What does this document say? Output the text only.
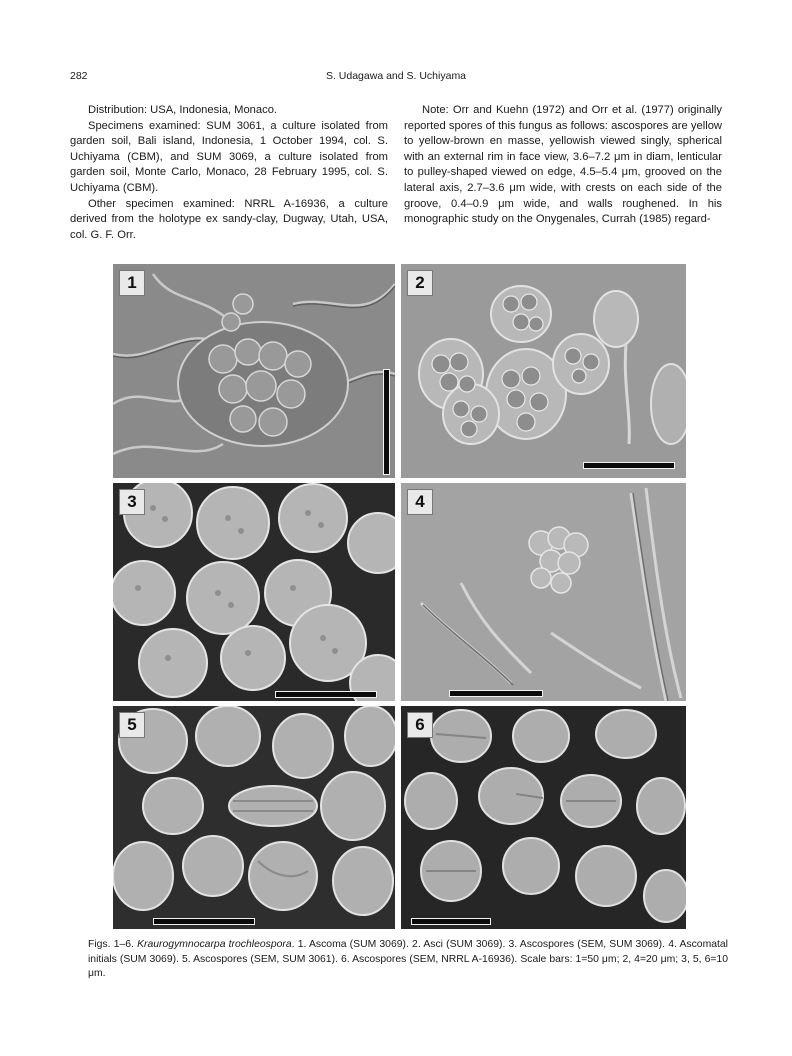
282	S. Udagawa and S. Uchiyama

Distribution: USA, Indonesia, Monaco.

Specimens examined: SUM 3061, a culture isolated from garden soil, Bali island, Indonesia, 1 October 1994, col. S. Uchiyama (CBM), and SUM 3069, a culture isolated from garden soil, Monte Carlo, Monaco, 28 February 1995, col. S. Uchiyama (CBM).

Other specimen examined: NRRL A-16936, a culture derived from the holotype ex sandy-clay, Dugway, Utah, USA, col. G. F. Orr.

Note: Orr and Kuehn (1972) and Orr et al. (1977) originally reported spores of this fungus as follows: ascospores are yellow to yellow-brown en masse, yellowish viewed singly, spherical with an external rim in face view, 3.6–7.2 μm in diam, lenticular to pulley-shaped viewed on edge, 4.5–5.4 μm, grooved on the lateral axis, 2.7–3.6 μm wide, with crests on each side of the groove, 0.4–0.9 μm wide, and walls roughened. In his monographic study on the Onygenales, Currah (1985) regard-

1	2
3	4
5	6
Figs. 1–6. Kraurogymnocarpa trochleospora. 1. Ascoma (SUM 3069). 2. Asci (SUM 3069). 3. Ascospores (SEM, SUM 3069). 4. Ascomatal initials (SUM 3069). 5. Ascospores (SEM, SUM 3061). 6. Ascospores (SEM, NRRL A-16936). Scale bars: 1=50 μm; 2, 4=20 μm; 3, 5, 6=10 μm.
